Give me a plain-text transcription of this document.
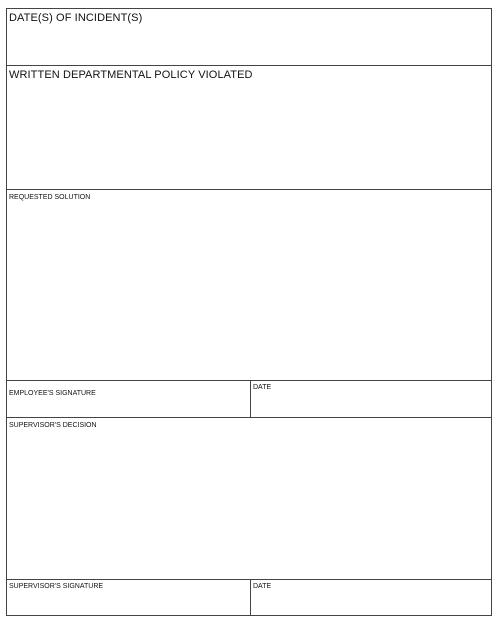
DATE(S) OF INCIDENT(S)
WRITTEN DEPARTMENTAL POLICY VIOLATED
REQUESTED SOLUTION
EMPLOYEE'S SIGNATURE
DATE
SUPERVISOR'S DECISION
SUPERVISOR'S SIGNATURE	DATE
